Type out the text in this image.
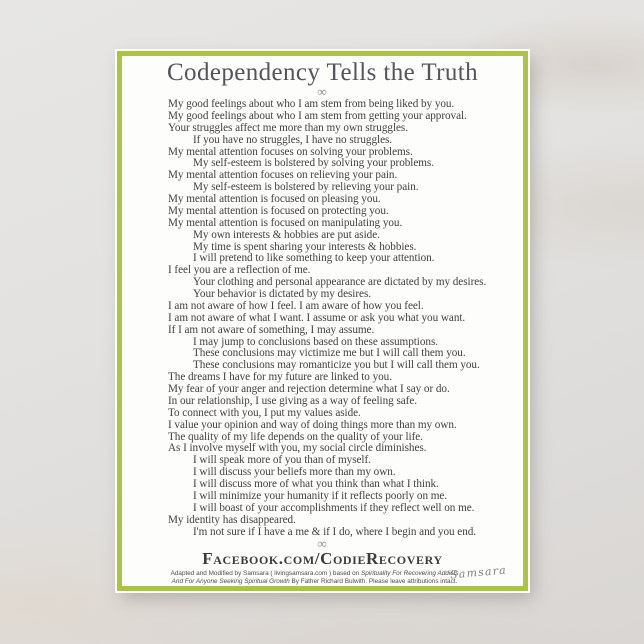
Codependency Tells the Truth
∞
My good feelings about who I am stem from being liked by you.
My good feelings about who I am stem from getting your approval.
Your struggles affect me more than my own struggles.
If you have no struggles, I have no struggles.
My mental attention focuses on solving your problems.
My self-esteem is bolstered by solving your problems.
My mental attention focuses on relieving your pain.
My self-esteem is bolstered by relieving your pain.
My mental attention is focused on pleasing you.
My mental attention is focused on protecting you.
My mental attention is focused on manipulating you.
My own interests & hobbies are put aside.
My time is spent sharing your interests & hobbies.
I will pretend to like something to keep your attention.
I feel you are a reflection of me.
Your clothing and personal appearance are dictated by my desires.
Your behavior is dictated by my desires.
I am not aware of how I feel. I am aware of how you feel.
I am not aware of what I want. I assume or ask you what you want.
If I am not aware of something, I may assume.
I may jump to conclusions based on these assumptions.
These conclusions may victimize me but I will call them you.
These conclusions may romanticize you but I will call them you.
The dreams I have for my future are linked to you.
My fear of your anger and rejection determine what I say or do.
In our relationship, I use giving as a way of feeling safe.
To connect with you, I put my values aside.
I value your opinion and way of doing things more than my own.
The quality of my life depends on the quality of your life.
As I involve myself with you, my social circle diminishes.
I will speak more of you than of myself.
I will discuss your beliefs more than my own.
I will discuss more of what you think than what I think.
I will minimize your humanity if it reflects poorly on me.
I will boast of your accomplishments if they reflect well on me.
My identity has disappeared.
I'm not sure if I have a me & if I do, where I begin and you end.
∞
Facebook.com/CodieRecovery
Adapted and Modified by Samsara ( livingsamsara.com ) based on Spirituality For Recovering Addicts
And For Anyone Seeking Spiritual Growth By Father Richard Bulwith. Please leave attributions intact.
Samsara
